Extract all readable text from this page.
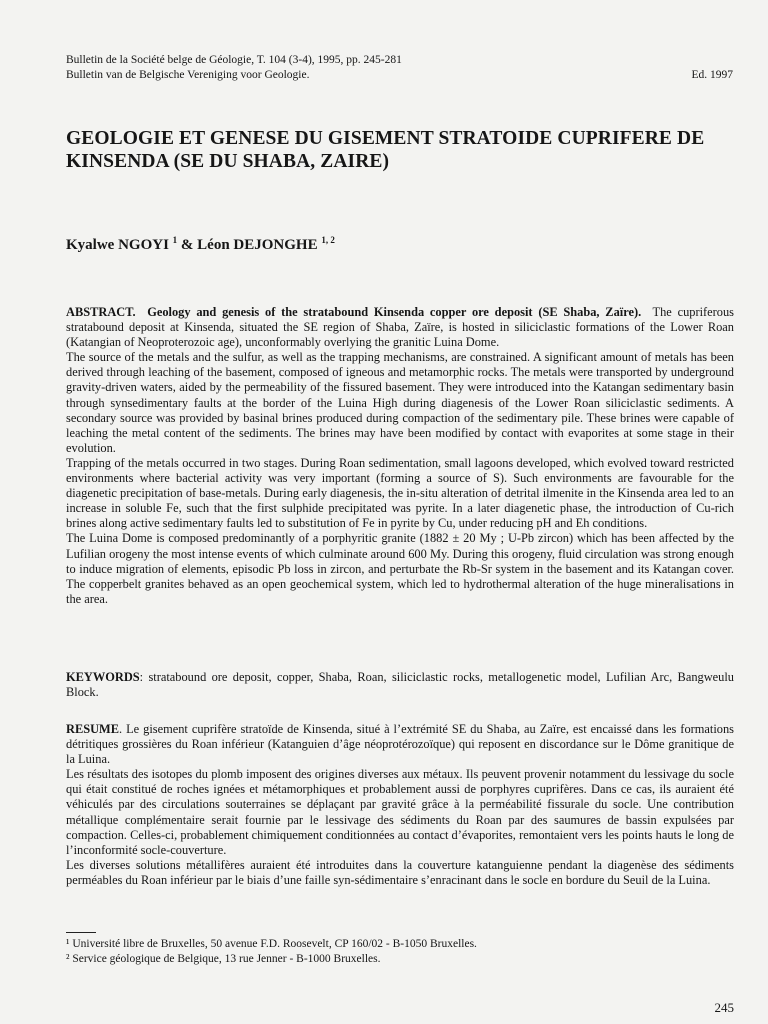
Bulletin de la Société belge de Géologie, T. 104 (3-4), 1995, pp. 245-281
Bulletin van de Belgische Vereniging voor Geologie.	Ed. 1997
GEOLOGIE ET GENESE DU GISEMENT STRATOIDE CUPRIFERE DE KINSENDA (SE DU SHABA, ZAIRE)
Kyalwe NGOYI $^1$ & Léon DEJONGHE $^{1, 2}$

ABSTRACT. Geology and genesis of the stratabound Kinsenda copper ore deposit (SE Shaba, Zaïre). The cupriferous stratabound deposit at Kinsenda, situated the SE region of Shaba, Zaïre, is hosted in siliciclastic formations of the Lower Roan (Katangian of Neoproterozoic age), unconformably overlying the granitic Luina Dome.

The source of the metals and the sulfur, as well as the trapping mechanisms, are constrained. A significant amount of metals has been derived through leaching of the basement, composed of igneous and metamorphic rocks. The metals were transported by underground gravity-driven waters, aided by the permeability of the fissured basement. They were introduced into the Katangan sedimentary basin through synsedimentary faults at the border of the Luina High during diagenesis of the Lower Roan siliciclastic sediments. A secondary source was provided by basinal brines produced during compaction of the sedimentary pile. These brines were capable of leaching the metal content of the sediments. The brines may have been modified by contact with evaporites at some stage in their evolution.

Trapping of the metals occurred in two stages. During Roan sedimentation, small lagoons developed, which evolved toward restricted environments where bacterial activity was very important (forming a source of S). Such environments are favourable for the diagenetic precipitation of base-metals. During early diagenesis, the in-situ alteration of detrital ilmenite in the Kinsenda area led to an increase in soluble Fe, such that the first sulphide precipitated was pyrite. In a later diagenetic phase, the introduction of Cu-rich brines along active sedimentary faults led to substitution of Fe in pyrite by Cu, under reducing pH and Eh conditions.

The Luina Dome is composed predominantly of a porphyritic granite (1882 ± 20 My ; U-Pb zircon) which has been affected by the Lufilian orogeny the most intense events of which culminate around 600 My. During this orogeny, fluid circulation was strong enough to induce migration of elements, episodic Pb loss in zircon, and perturbate the Rb-Sr system in the basement and its Katangan cover. The copperbelt granites behaved as an open geochemical system, which led to hydrothermal alteration of the huge mineralisations in the area.

KEYWORDS: stratabound ore deposit, copper, Shaba, Roan, siliciclastic rocks, metallogenetic model, Lufilian Arc, Bangweulu Block.

RESUME. Le gisement cuprifère stratoïde de Kinsenda, situé à l’extrémité SE du Shaba, au Zaïre, est encaissé dans les formations détritiques grossières du Roan inférieur (Katanguien d’âge néoprotérozoïque) qui reposent en discordance sur le Dôme granitique de la Luina.

Les résultats des isotopes du plomb imposent des origines diverses aux métaux. Ils peuvent provenir notamment du lessivage du socle qui était constitué de roches ignées et métamorphiques et probablement aussi de porphyres cuprifères. Dans ce cas, ils auraient été véhiculés par des circulations souterraines se déplaçant par gravité grâce à la perméabilité fissurale du socle. Une contribution métallique complémentaire serait fournie par le lessivage des sédiments du Roan par des saumures de bassin expulsées par compaction. Celles-ci, probablement chimiquement conditionnées au contact d’évaporites, remontaient vers les points hauts le long de l’inconformité socle-couverture.

Les diverses solutions métallifères auraient été introduites dans la couverture katanguienne pendant la diagenèse des sédiments perméables du Roan inférieur par le biais d’une faille syn-sédimentaire s’enracinant dans le socle en bordure du Seuil de la Luina.

¹ Université libre de Bruxelles, 50 avenue F.D. Roosevelt, CP 160/02 - B-1050 Bruxelles.
² Service géologique de Belgique, 13 rue Jenner - B-1000 Bruxelles.
245
